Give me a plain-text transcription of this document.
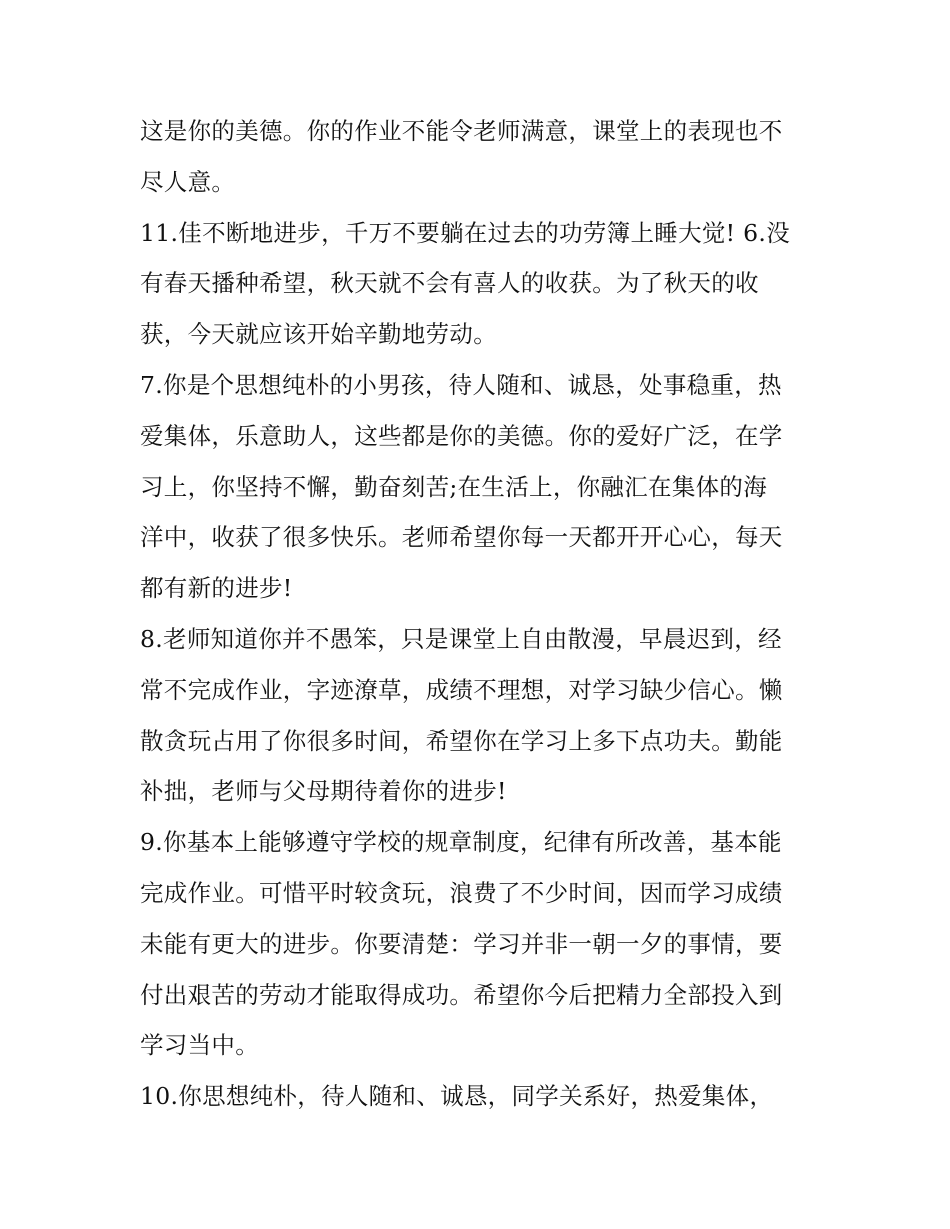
这是你的美德。你的作业不能令老师满意，课堂上的表现也不
尽人意。
11.佳不断地进步，千万不要躺在过去的功劳簿上睡大觉! 6.没
有春天播种希望，秋天就不会有喜人的收获。为了秋天的收
获，今天就应该开始辛勤地劳动。
7.你是个思想纯朴的小男孩，待人随和、诚恳，处事稳重，热
爱集体，乐意助人，这些都是你的美德。你的爱好广泛，在学
习上，你坚持不懈，勤奋刻苦;在生活上，你融汇在集体的海
洋中，收获了很多快乐。老师希望你每一天都开开心心，每天
都有新的进步!
8.老师知道你并不愚笨，只是课堂上自由散漫，早晨迟到，经
常不完成作业，字迹潦草，成绩不理想，对学习缺少信心。懒
散贪玩占用了你很多时间，希望你在学习上多下点功夫。勤能
补拙，老师与父母期待着你的进步!
9.你基本上能够遵守学校的规章制度，纪律有所改善，基本能
完成作业。可惜平时较贪玩，浪费了不少时间，因而学习成绩
未能有更大的进步。你要清楚：学习并非一朝一夕的事情，要
付出艰苦的劳动才能取得成功。希望你今后把精力全部投入到
学习当中。
10.你思想纯朴，待人随和、诚恳，同学关系好，热爱集体，
